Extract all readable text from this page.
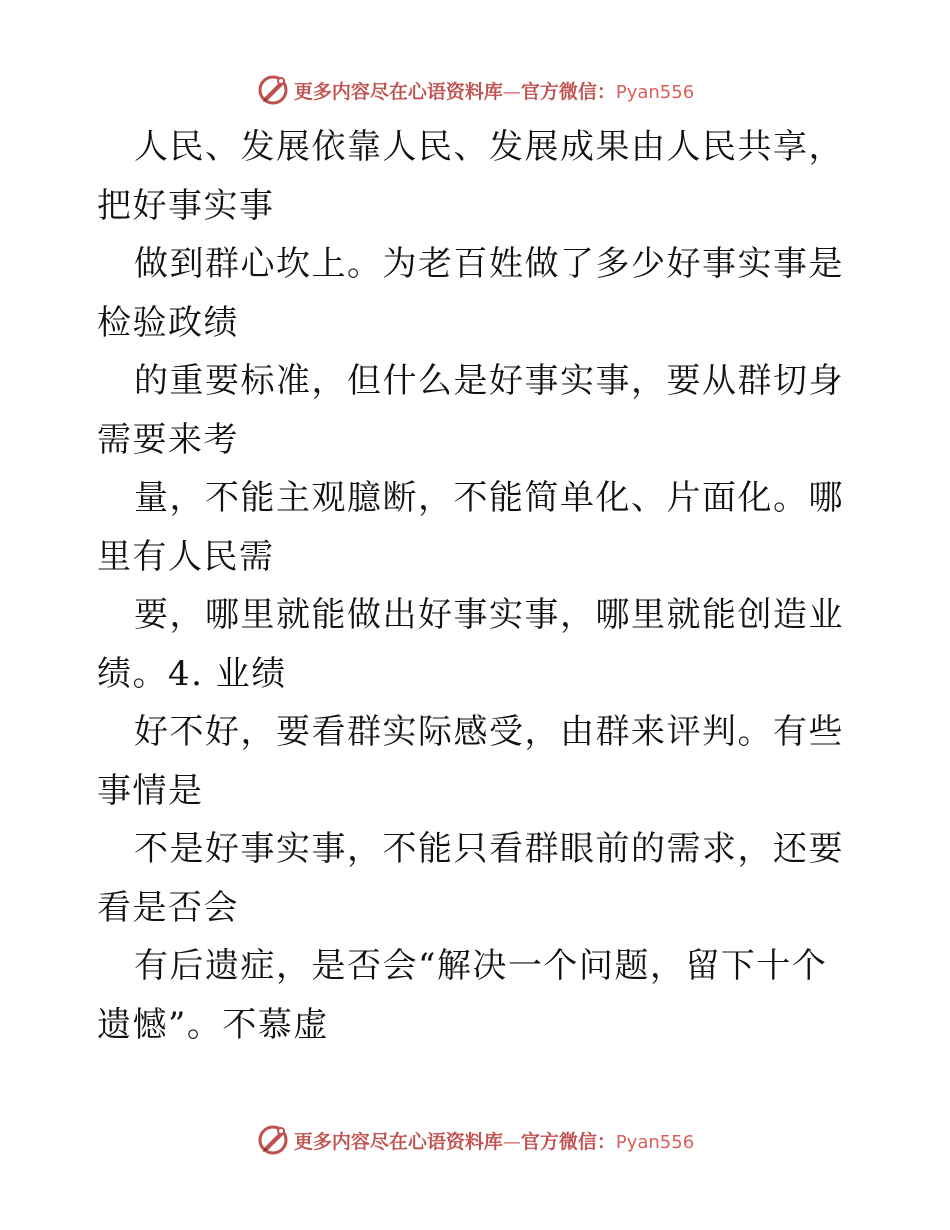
更多内容尽在心语资料库—官方微信：Pyan556

人民、发展依靠人民、发展成果由人民共享，把好事实事

做到群心坎上。为老百姓做了多少好事实事是检验政绩

的重要标准，但什么是好事实事，要从群切身需要来考

量，不能主观臆断，不能简单化、片面化。哪里有人民需

要，哪里就能做出好事实事，哪里就能创造业绩。4. 业绩

好不好，要看群实际感受，由群来评判。有些事情是

不是好事实事，不能只看群眼前的需求，还要看是否会

有后遗症，是否会“解决一个问题，留下十个遗憾”。不慕虚

更多内容尽在心语资料库—官方微信：Pyan556
